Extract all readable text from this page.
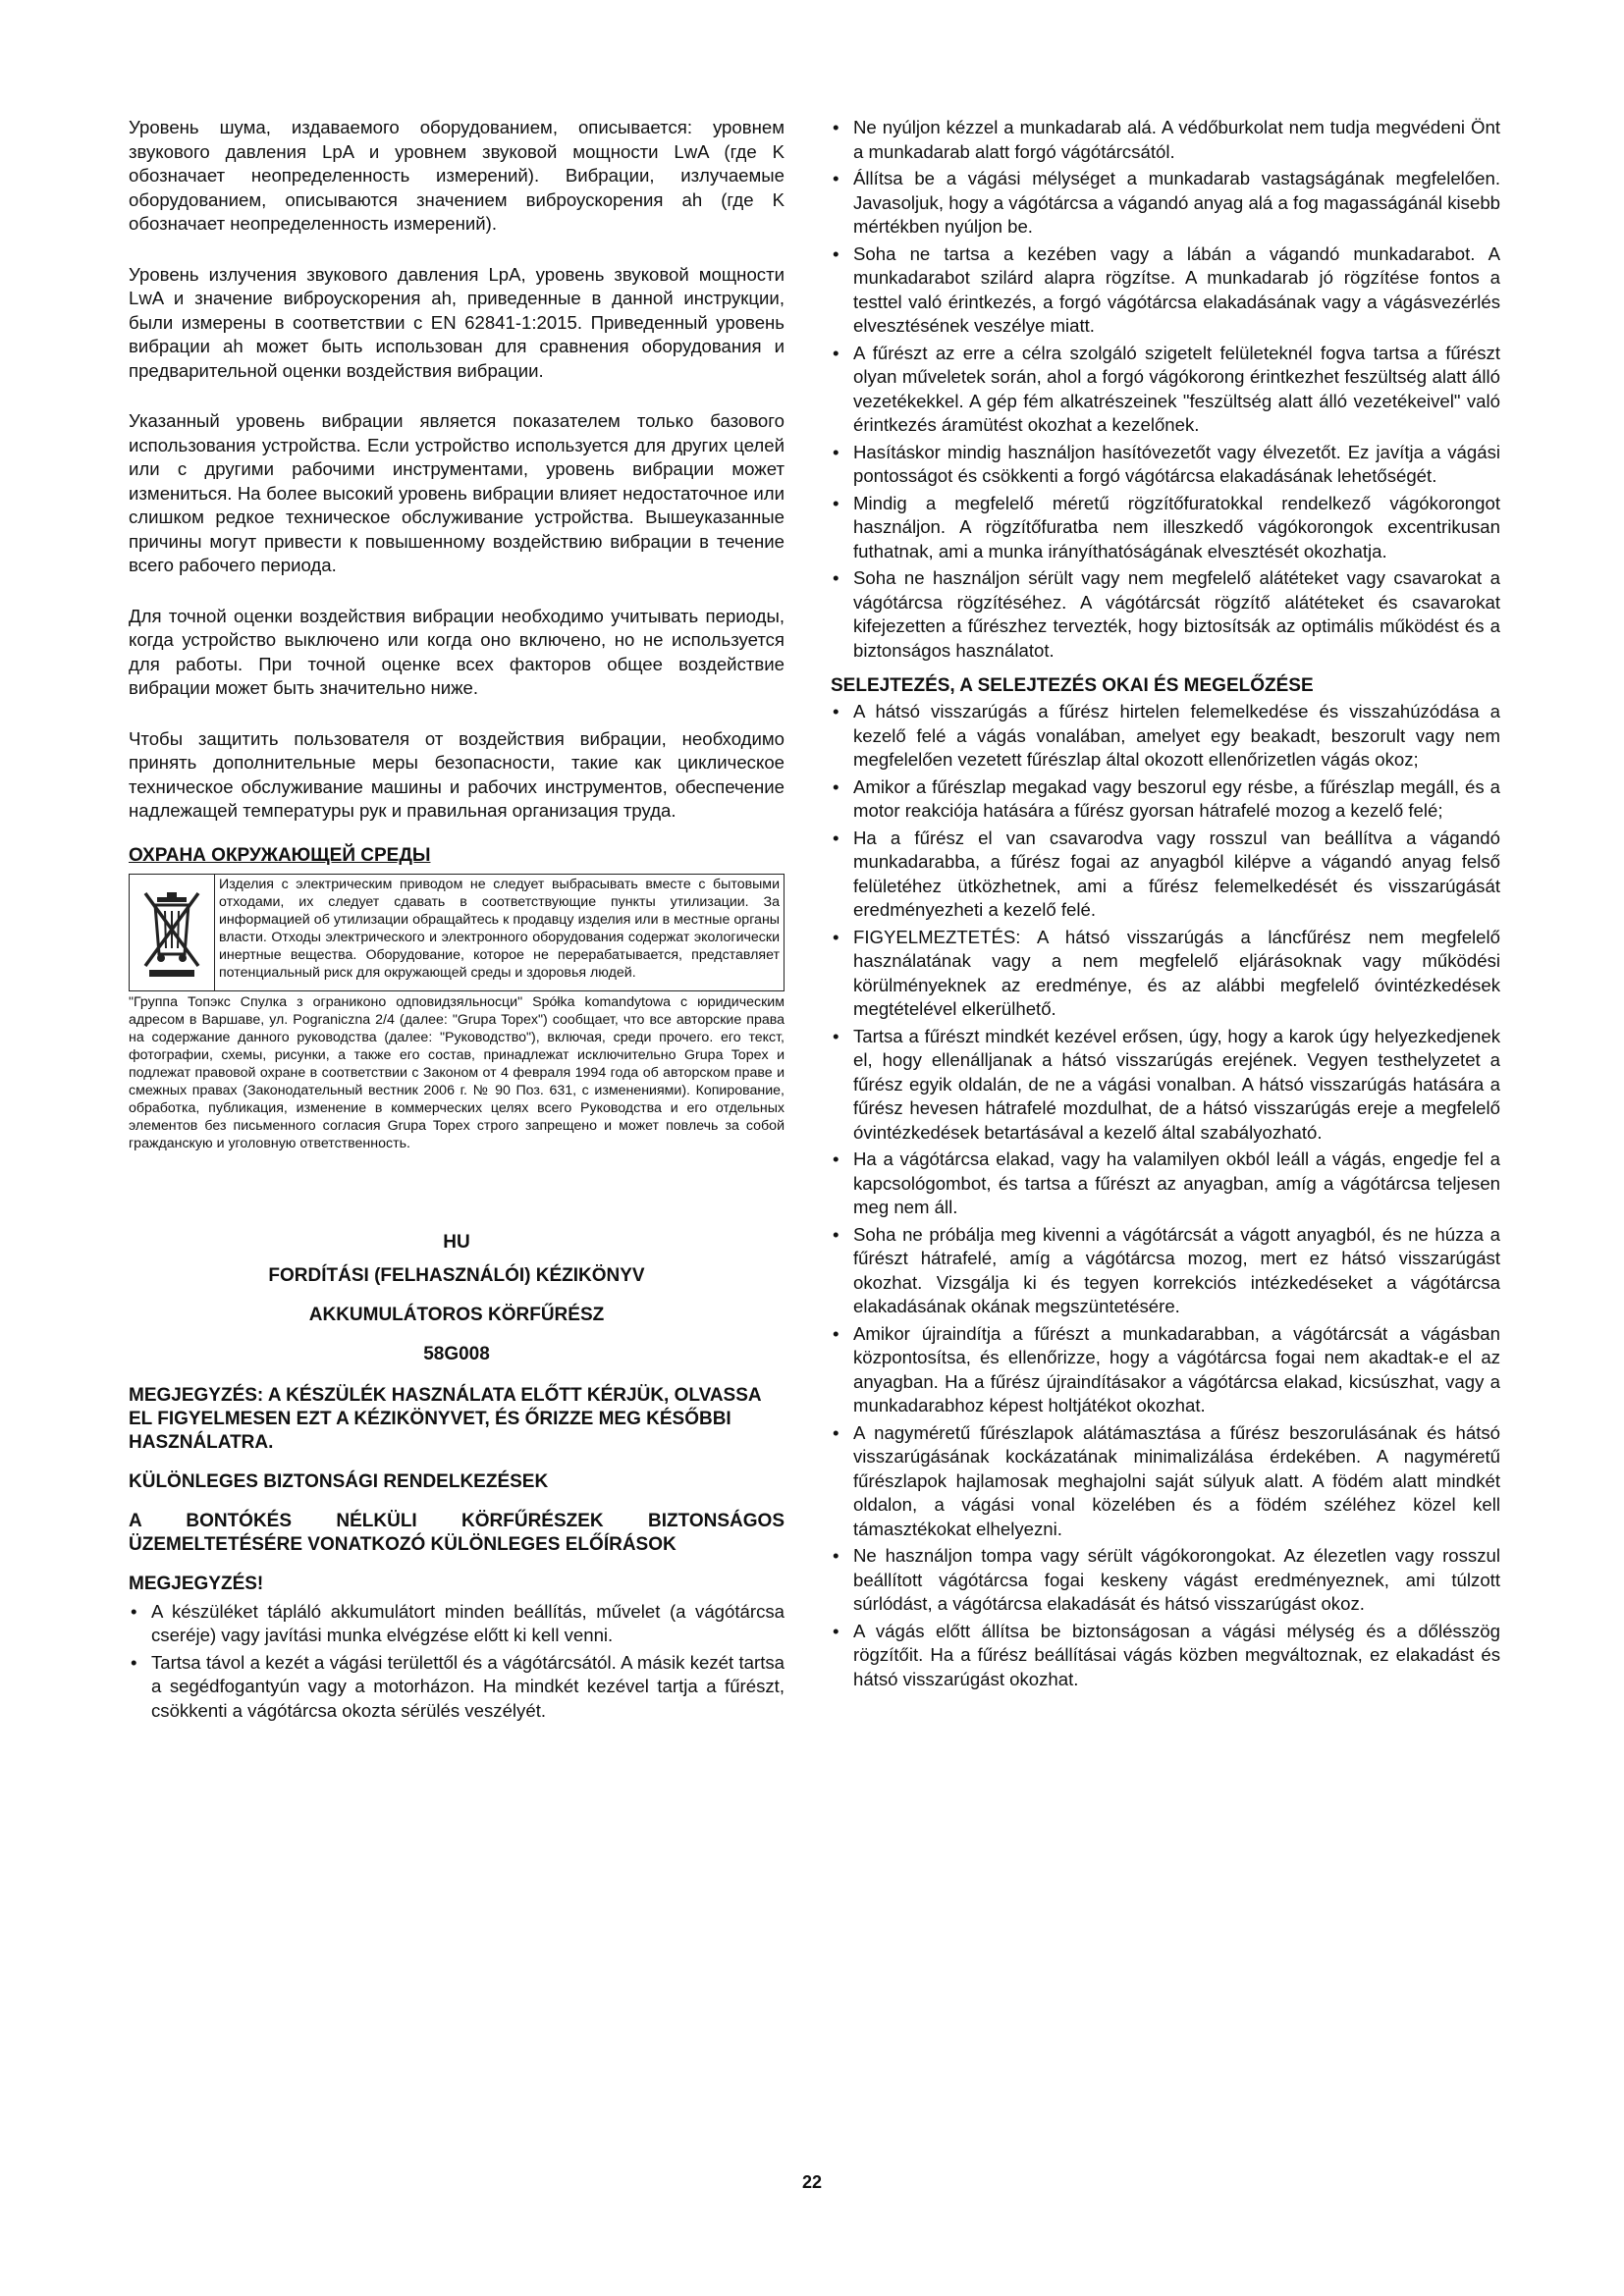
Уровень шума, издаваемого оборудованием, описывается: уровнем звукового давления LpA и уровнем звуковой мощности LwA (где K обозначает неопределенность измерений). Вибрации, излучаемые оборудованием, описываются значением виброускорения ah (где K обозначает неопределенность измерений).

Уровень излучения звукового давления LpA, уровень звуковой мощности LwA и значение виброускорения ah, приведенные в данной инструкции, были измерены в соответствии с EN 62841-1:2015. Приведенный уровень вибрации ah может быть использован для сравнения оборудования и предварительной оценки воздействия вибрации.

Указанный уровень вибрации является показателем только базового использования устройства. Если устройство используется для других целей или с другими рабочими инструментами, уровень вибрации может измениться. На более высокий уровень вибрации влияет недостаточное или слишком редкое техническое обслуживание устройства. Вышеуказанные причины могут привести к повышенному воздействию вибрации в течение всего рабочего периода.

Для точной оценки воздействия вибрации необходимо учитывать периоды, когда устройство выключено или когда оно включено, но не используется для работы. При точной оценке всех факторов общее воздействие вибрации может быть значительно ниже.

Чтобы защитить пользователя от воздействия вибрации, необходимо принять дополнительные меры безопасности, такие как циклическое техническое обслуживание машины и рабочих инструментов, обеспечение надлежащей температуры рук и правильная организация труда.

ОХРАНА ОКРУЖАЮЩЕЙ СРЕДЫ
Изделия с электрическим приводом не следует выбрасывать вместе с бытовыми отходами, их следует сдавать в соответствующие пункты утилизации. За информацией об утилизации обращайтесь к продавцу изделия или в местные органы власти. Отходы электрического и электронного оборудования содержат экологически инертные вещества. Оборудование, которое не перерабатывается, представляет потенциальный риск для окружающей среды и здоровья людей.

"Группа Топэкс Спулка з ограниконо одповидзяльносци" Spółka komandytowa с юридическим адресом в Варшаве, ул. Pograniczna 2/4 (далее: "Grupa Topex") сообщает, что все авторские права на содержание данного руководства (далее: "Руководство"), включая, среди прочего. его текст, фотографии, схемы, рисунки, а также его состав, принадлежат исключительно Grupa Topex и подлежат правовой охране в соответствии с Законом от 4 февраля 1994 года об авторском праве и смежных правах (Законодательный вестник 2006 г. № 90 Поз. 631, с изменениями). Копирование, обработка, публикация, изменение в коммерческих целях всего Руководства и его отдельных элементов без письменного согласия Grupa Topex строго запрещено и может повлечь за собой гражданскую и уголовную ответственность.

HU

FORDÍTÁSI (FELHASZNÁLÓI) KÉZIKÖNYV

AKKUMULÁTOROS KÖRFŰRÉSZ

58G008

MEGJEGYZÉS: A KÉSZÜLÉK HASZNÁLATA ELŐTT KÉRJÜK, OLVASSA EL FIGYELMESEN EZT A KÉZIKÖNYVET, ÉS ŐRIZZE MEG KÉSŐBBI HASZNÁLATRA.

KÜLÖNLEGES BIZTONSÁGI RENDELKEZÉSEK

A BONTÓKÉS NÉLKÜLI KÖRFŰRÉSZEK BIZTONSÁGOS ÜZEMELTETÉSÉRE VONATKOZÓ KÜLÖNLEGES ELŐÍRÁSOK

MEGJEGYZÉS!

• A készüléket tápláló akkumulátort minden beállítás, művelet (a vágótárcsa cseréje) vagy javítási munka elvégzése előtt ki kell venni.
• Tartsa távol a kezét a vágási területtől és a vágótárcsától. A másik kezét tartsa a segédfogantyún vagy a motorházon. Ha mindkét kezével tartja a fűrészt, csökkenti a vágótárcsa okozta sérülés veszélyét.
• Ne nyúljon kézzel a munkadarab alá. A védőburkolat nem tudja megvédeni Önt a munkadarab alatt forgó vágótárcsától.
• Állítsa be a vágási mélységet a munkadarab vastagságának megfelelően. Javasoljuk, hogy a vágótárcsa a vágandó anyag alá a fog magasságánál kisebb mértékben nyúljon be.
• Soha ne tartsa a kezében vagy a lábán a vágandó munkadarabot. A munkadarabot szilárd alapra rögzítse. A munkadarab jó rögzítése fontos a testtel való érintkezés, a forgó vágótárcsa elakadásának vagy a vágásvezérlés elvesztésének veszélye miatt.
• A fűrészt az erre a célra szolgáló szigetelt felületeknél fogva tartsa a fűrészt olyan műveletek során, ahol a forgó vágókorong érintkezhet feszültség alatt álló vezetékekkel. A gép fém alkatrészeinek "feszültség alatt álló vezetékeivel" való érintkezés áramütést okozhat a kezelőnek.
• Hasításkor mindig használjon hasítóvezetőt vagy élvezetőt. Ez javítja a vágási pontosságot és csökkenti a forgó vágótárcsa elakadásának lehetőségét.
• Mindig a megfelelő méretű rögzítőfuratokkal rendelkező vágókorongot használjon. A rögzítőfuratba nem illeszkedő vágókorongok excentrikusan futhatnak, ami a munka irányíthatóságának elvesztését okozhatja.
• Soha ne használjon sérült vagy nem megfelelő alátéteket vagy csavarokat a vágótárcsa rögzítéséhez. A vágótárcsát rögzítő alátéteket és csavarokat kifejezetten a fűrészhez tervezték, hogy biztosítsák az optimális működést és a biztonságos használatot.

SELEJTEZÉS, A SELEJTEZÉS OKAI ÉS MEGELŐZÉSE

• A hátsó visszarúgás a fűrész hirtelen felemelkedése és visszahúzódása a kezelő felé a vágás vonalában, amelyet egy beakadt, beszorult vagy nem megfelelően vezetett fűrészlap által okozott ellenőrizetlen vágás okoz;
• Amikor a fűrészlap megakad vagy beszorul egy résbe, a fűrészlap megáll, és a motor reakciója hatására a fűrész gyorsan hátrafelé mozog a kezelő felé;
• Ha a fűrész el van csavarodva vagy rosszul van beállítva a vágandó munkadarabba, a fűrész fogai az anyagból kilépve a vágandó anyag felső felületéhez ütközhetnek, ami a fűrész felemelkedését és visszarúgását eredményezheti a kezelő felé.
• FIGYELMEZTETÉS: A hátsó visszarúgás a láncfűrész nem megfelelő használatának vagy a nem megfelelő eljárásoknak vagy működési körülményeknek az eredménye, és az alábbi megfelelő óvintézkedések megtételével elkerülhető.
• Tartsa a fűrészt mindkét kezével erősen, úgy, hogy a karok úgy helyezkedjenek el, hogy ellenálljanak a hátsó visszarúgás erejének. Vegyen testhelyzetet a fűrész egyik oldalán, de ne a vágási vonalban. A hátsó visszarúgás hatására a fűrész hevesen hátrafelé mozdulhat, de a hátsó visszarúgás ereje a megfelelő óvintézkedések betartásával a kezelő által szabályozható.
• Ha a vágótárcsa elakad, vagy ha valamilyen okból leáll a vágás, engedje fel a kapcsológombot, és tartsa a fűrészt az anyagban, amíg a vágótárcsa teljesen meg nem áll.
• Soha ne próbálja meg kivenni a vágótárcsát a vágott anyagból, és ne húzza a fűrészt hátrafelé, amíg a vágótárcsa mozog, mert ez hátsó visszarúgást okozhat. Vizsgálja ki és tegyen korrekciós intézkedéseket a vágótárcsa elakadásának okának megszüntetésére.
• Amikor újraindítja a fűrészt a munkadarabban, a vágótárcsát a vágásban központosítsa, és ellenőrizze, hogy a vágótárcsa fogai nem akadtak-e el az anyagban. Ha a fűrész újraindításakor a vágótárcsa elakad, kicsúszhat, vagy a munkadarabhoz képest holtjátékot okozhat.
• A nagyméretű fűrészlapok alátámasztása a fűrész beszorulásának és hátsó visszarúgásának kockázatának minimalizálása érdekében. A nagyméretű fűrészlapok hajlamosak meghajolni saját súlyuk alatt. A födém alatt mindkét oldalon, a vágási vonal közelében és a födém széléhez közel kell támasztékokat elhelyezni.
• Ne használjon tompa vagy sérült vágókorongokat. Az élezetlen vagy rosszul beállított vágótárcsa fogai keskeny vágást eredményeznek, ami túlzott súrlódást, a vágótárcsa elakadását és hátsó visszarúgást okoz.
• A vágás előtt állítsa be biztonságosan a vágási mélység és a dőlésszög rögzítőit. Ha a fűrész beállításai vágás közben megváltoznak, ez elakadást és hátsó visszarúgást okozhat.
22
